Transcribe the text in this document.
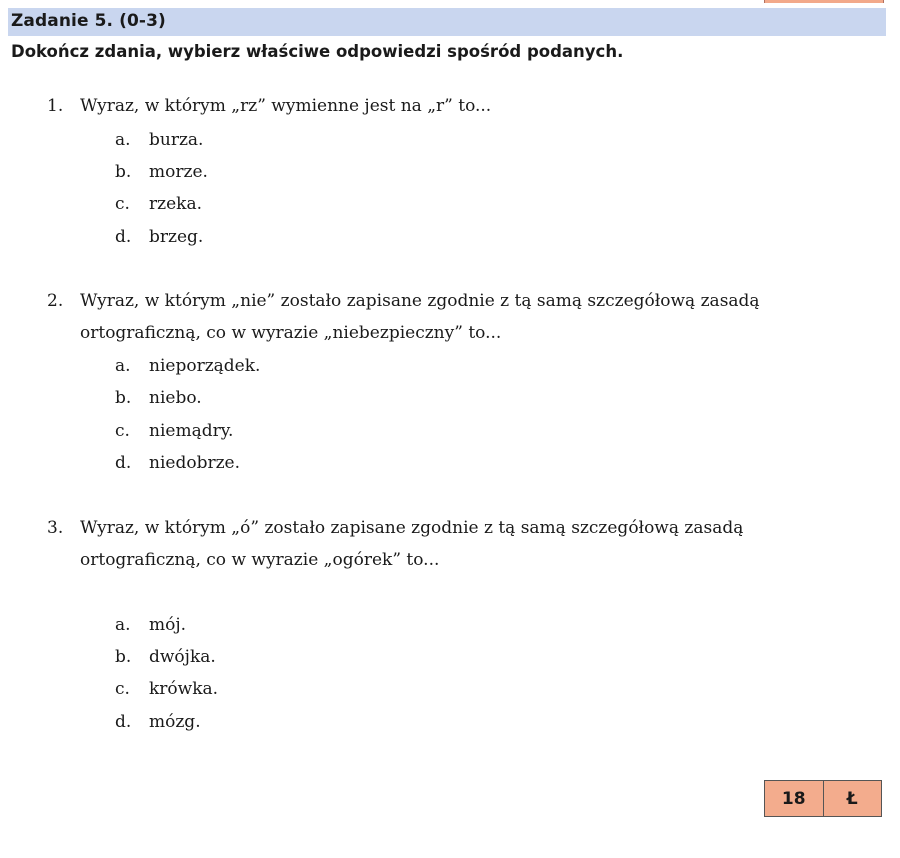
Zadanie 5. (0-3)
Dokończ zdania, wybierz właściwe odpowiedzi spośród podanych.
1. Wyraz, w którym „rz” wymienne jest na „r” to...
a. burza.
b. morze.
c. rzeka.
d. brzeg.
2. Wyraz, w którym „nie” zostało zapisane zgodnie z tą samą szczegółową zasadą
ortograficzną, co w wyrazie „niebezpieczny” to...
a. nieporządek.
b. niebo.
c. niemądry.
d. niedobrze.
3. Wyraz, w którym „ó” zostało zapisane zgodnie z tą samą szczegółową zasadą
ortograficzną, co w wyrazie „ogórek” to...
a. mój.
b. dwójka.
c. krówka.
d. mózg.
18	Ł
